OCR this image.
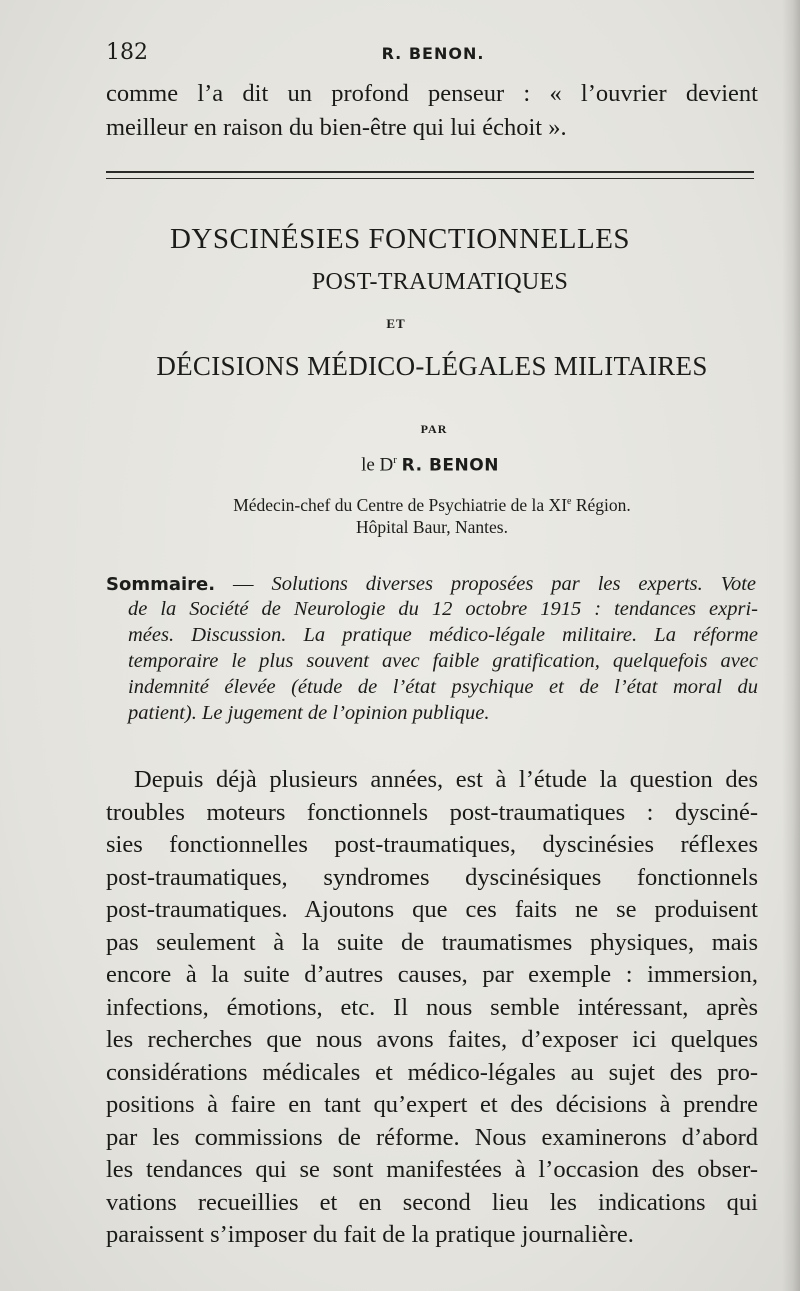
182	R. BENON.
comme l’a dit un profond penseur : « l’ouvrier devient
meilleur en raison du bien-être qui lui échoit ».
DYSCINÉSIES FONCTIONNELLES
POST-TRAUMATIQUES
ET
DÉCISIONS MÉDICO-LÉGALES MILITAIRES
PAR
le $D^r$ R. BENON
Médecin-chef du Centre de Psychiatrie de la XIe Région.
Hôpital Baur, Nantes.
Sommaire. — Solutions diverses proposées par les experts. Vote
de la Société de Neurologie du 12 octobre 1915 : tendances expri-
mées. Discussion. La pratique médico-légale militaire. La réforme
temporaire le plus souvent avec faible gratification, quelquefois avec
indemnité élevée (étude de l’état psychique et de l’état moral du
patient). Le jugement de l’opinion publique.
Depuis déjà plusieurs années, est à l’étude la question des
troubles moteurs fonctionnels post-traumatiques : dysciné-
sies fonctionnelles post-traumatiques, dyscinésies réflexes
post-traumatiques, syndromes dyscinésiques fonctionnels
post-traumatiques. Ajoutons que ces faits ne se produisent
pas seulement à la suite de traumatismes physiques, mais
encore à la suite d’autres causes, par exemple : immersion,
infections, émotions, etc. Il nous semble intéressant, après
les recherches que nous avons faites, d’exposer ici quelques
considérations médicales et médico-légales au sujet des pro-
positions à faire en tant qu’expert et des décisions à prendre
par les commissions de réforme. Nous examinerons d’abord
les tendances qui se sont manifestées à l’occasion des obser-
vations recueillies et en second lieu les indications qui
paraissent s’imposer du fait de la pratique journalière.
